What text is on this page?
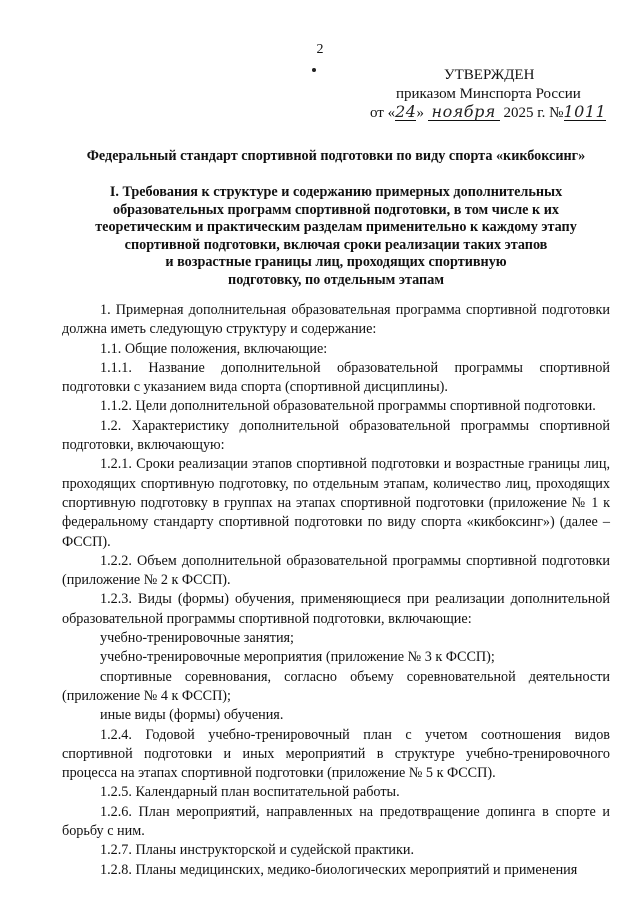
2
УТВЕРЖДЕН
приказом Минспорта России
от «24» ноября 2025 г. №1011
Федеральный стандарт спортивной подготовки по виду спорта «кикбоксинг»
I. Требования к структуре и содержанию примерных дополнительных
образовательных программ спортивной подготовки, в том числе к их
теоретическим и практическим разделам применительно к каждому этапу
спортивной подготовки, включая сроки реализации таких этапов
и возрастные границы лиц, проходящих спортивную
подготовку, по отдельным этапам

1. Примерная дополнительная образовательная программа спортивной подготовки должна иметь следующую структуру и содержание:

1.1. Общие положения, включающие:

1.1.1. Название дополнительной образовательной программы спортивной подготовки с указанием вида спорта (спортивной дисциплины).

1.1.2. Цели дополнительной образовательной программы спортивной подготовки.

1.2. Характеристику дополнительной образовательной программы спортивной подготовки, включающую:

1.2.1. Сроки реализации этапов спортивной подготовки и возрастные границы лиц, проходящих спортивную подготовку, по отдельным этапам, количество лиц, проходящих спортивную подготовку в группах на этапах спортивной подготовки (приложение № 1 к федеральному стандарту спортивной подготовки по виду спорта «кикбоксинг») (далее – ФССП).

1.2.2. Объем дополнительной образовательной программы спортивной подготовки (приложение № 2 к ФССП).

1.2.3. Виды (формы) обучения, применяющиеся при реализации дополнительной образовательной программы спортивной подготовки, включающие:

учебно-тренировочные занятия;

учебно-тренировочные мероприятия (приложение № 3 к ФССП);

спортивные соревнования, согласно объему соревновательной деятельности (приложение № 4 к ФССП);

иные виды (формы) обучения.

1.2.4. Годовой учебно-тренировочный план с учетом соотношения видов спортивной подготовки и иных мероприятий в структуре учебно-тренировочного процесса на этапах спортивной подготовки (приложение № 5 к ФССП).

1.2.5. Календарный план воспитательной работы.

1.2.6. План мероприятий, направленных на предотвращение допинга в спорте и борьбу с ним.

1.2.7. Планы инструкторской и судейской практики.

1.2.8. Планы медицинских, медико-биологических мероприятий и применения
